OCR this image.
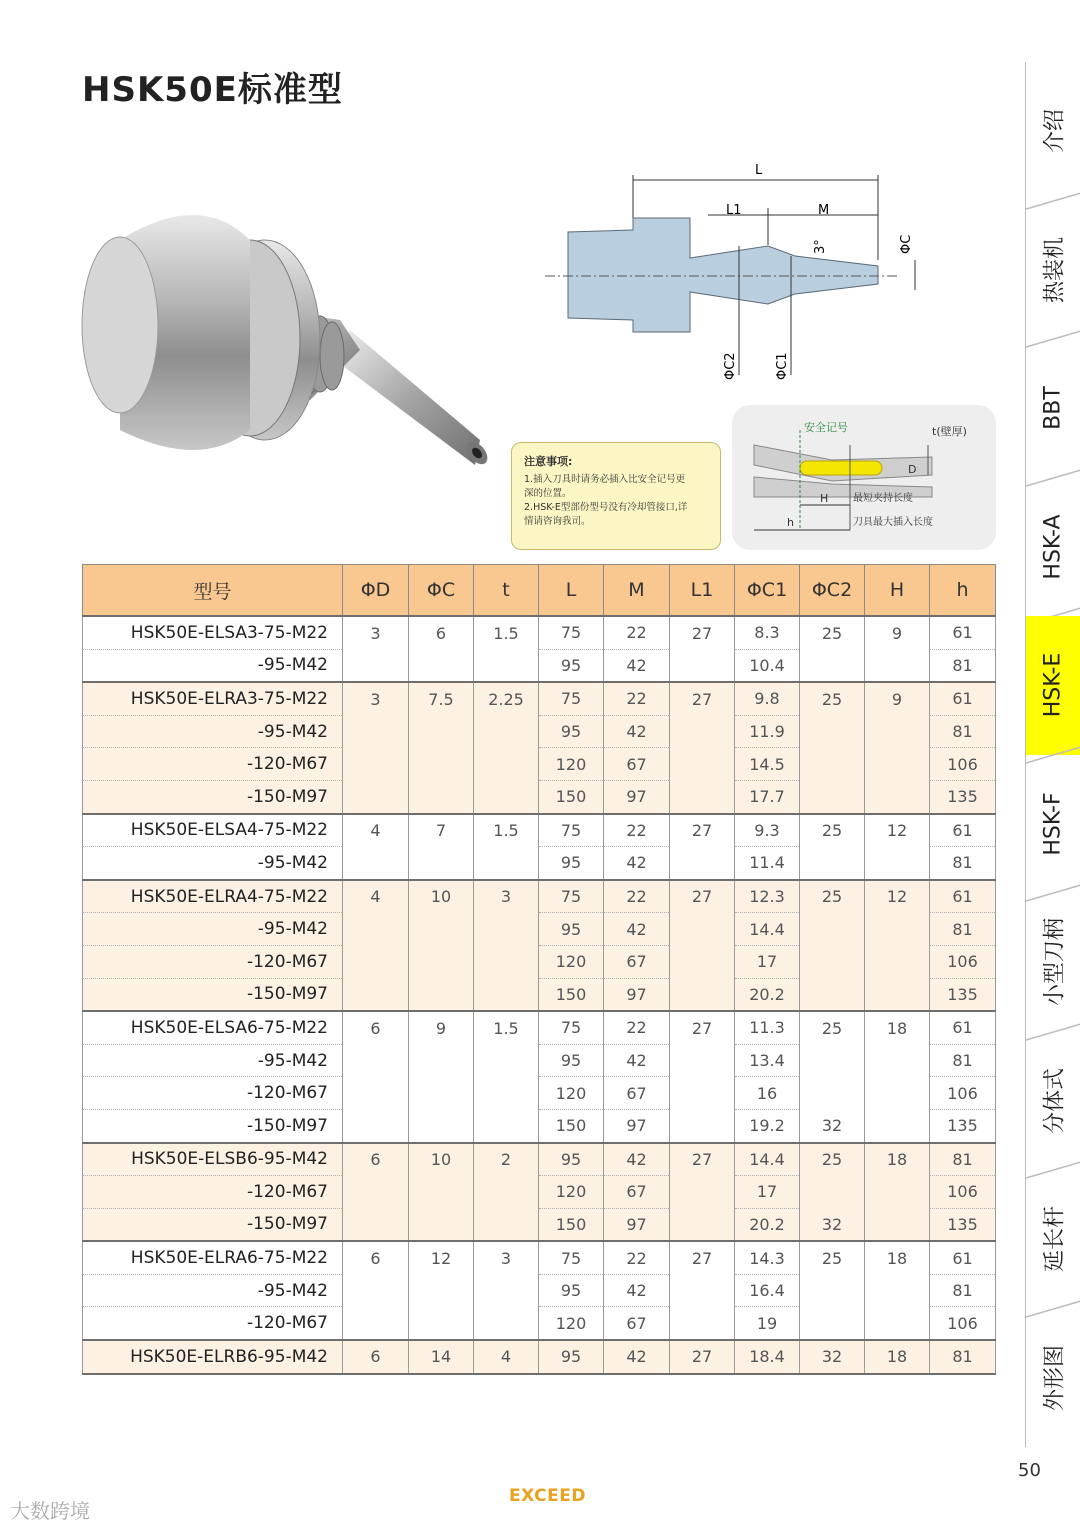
HSK50E标准型
L
L1	M
3°	ΦC
ΦC2	ΦC1
注意事项:
1.插入刀具时请务必插入比安全记号更
深的位置。
2.HSK-E型部份型号没有冷却管接口,详
情请咨询我司。
安全记号	t(壁厚)
D
H 最短夹持长度
h	刀具最大插入长度
型号	ΦD	ΦC	t	L	M	L1	ΦC1	ΦC2	H	h
HSK50E-ELSA3-75-M22	3	6	1.5	75	22	27	8.3	25	9	61
-95-M42				95	42		10.4			81
HSK50E-ELRA3-75-M22	3	7.5	2.25	75	22	27	9.8	25	9	61
-95-M42				95	42		11.9			81
-120-M67				120	67		14.5			106
-150-M97				150	97		17.7			135
HSK50E-ELSA4-75-M22	4	7	1.5	75	22	27	9.3	25	12	61
-95-M42				95	42		11.4			81
HSK50E-ELRA4-75-M22	4	10	3	75	22	27	12.3	25	12	61
-95-M42				95	42		14.4			81
-120-M67				120	67		17			106
-150-M97				150	97		20.2			135
HSK50E-ELSA6-75-M22	6	9	1.5	75	22	27	11.3	25	18	61
-95-M42				95	42		13.4			81
-120-M67				120	67		16			106
-150-M97				150	97		19.2	32		135
HSK50E-ELSB6-95-M42	6	10	2	95	42	27	14.4	25	18	81
-120-M67				120	67		17			106
-150-M97				150	97		20.2	32		135
HSK50E-ELRA6-75-M22	6	12	3	75	22	27	14.3	25	18	61
-95-M42				95	42		16.4			81
-120-M67				120	67		19			106
HSK50E-ELRB6-95-M42	6	14	4	95	42	27	18.4	32	18	81
介绍
热装机
BBT
HSK-A
HSK-E
HSK-F
小型刀柄
分体式
延长杆
外形图
50
EXCEED
大数跨境
